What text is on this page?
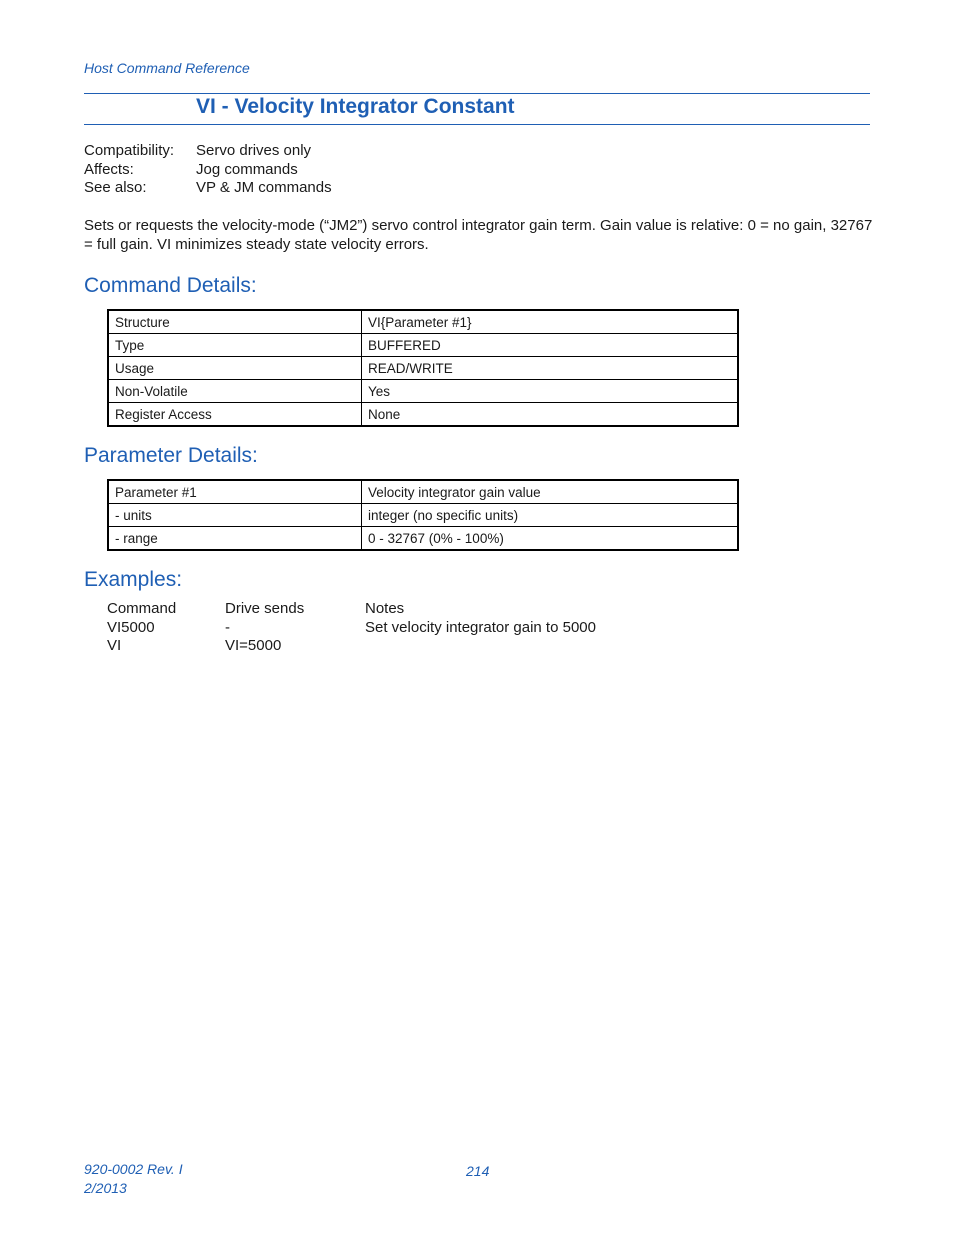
Host Command Reference
VI - Velocity Integrator Constant
Compatibility:	Servo drives only
Affects:	Jog commands
See also:	VP & JM commands
Sets or requests the velocity-mode (“JM2”) servo control integrator gain term. Gain value is relative: 0 = no gain, 32767 = full gain. VI minimizes steady state velocity errors.
Command Details:
Structure	VI{Parameter #1}
Type	BUFFERED
Usage	READ/WRITE
Non-Volatile	Yes
Register Access	None
Parameter Details:
Parameter #1	Velocity integrator gain value
- units	integer (no specific units)
- range	0 - 32767 (0% - 100%)
Examples:
Command	Drive sends	Notes
VI5000	-	Set velocity integrator gain to 5000
VI	VI=5000
920-0002 Rev. I
2/2013
214
